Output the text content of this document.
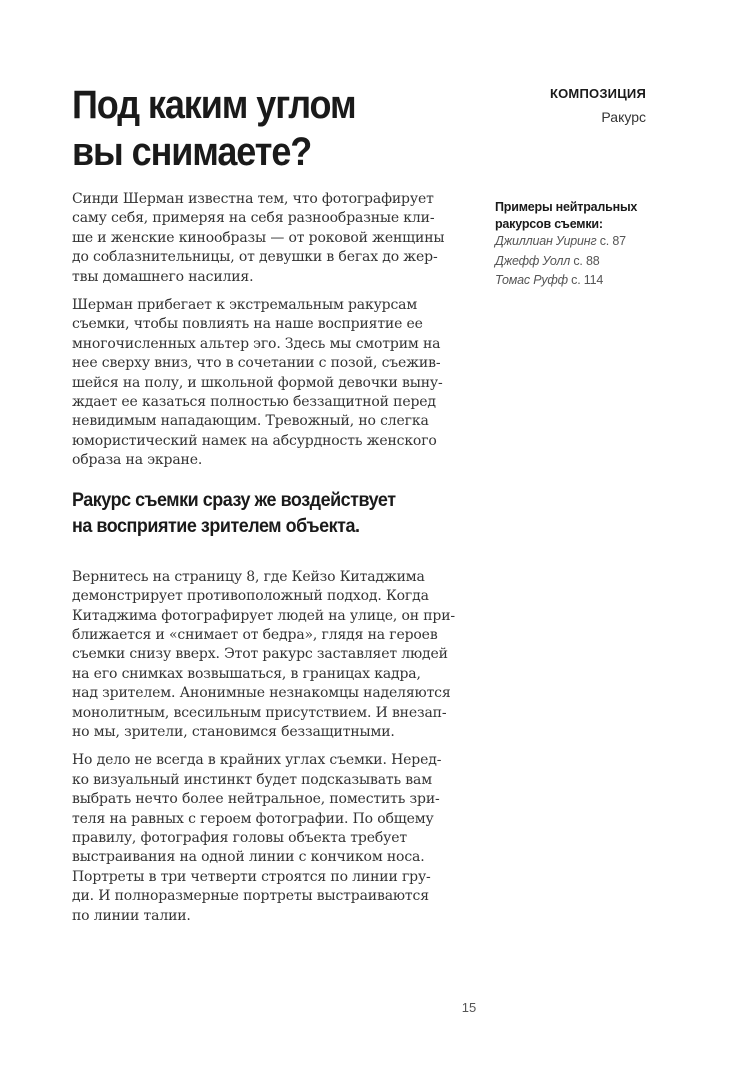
Под каким углом
вы снимаете?
КОМПОЗИЦИЯ
Ракурс
Примеры нейтральных
ракурсов съемки:
Джиллиан Уиринг с. 87
Джефф Уолл с. 88
Томас Руфф с. 114

Синди Шерман известна тем, что фотографирует
саму себя, примеряя на себя разнообразные кли-
ше и женские кинообразы — от роковой женщины
до соблазнительницы, от девушки в бегах до жер-
твы домашнего насилия.

Шерман прибегает к экстремальным ракурсам
съемки, чтобы повлиять на наше восприятие ее
многочисленных альтер эго. Здесь мы смотрим на
нее сверху вниз, что в сочетании с позой, съежив-
шейся на полу, и школьной формой девочки выну-
ждает ее казаться полностью беззащитной перед
невидимым нападающим. Тревожный, но слегка
юмористический намек на абсурдность женского
образа на экране.

Ракурс съемки сразу же воздействует
на восприятие зрителем объекта.

Вернитесь на страницу 8, где Кейзо Китаджима
демонстрирует противоположный подход. Когда
Китаджима фотографирует людей на улице, он при-
ближается и «снимает от бедра», глядя на героев
съемки снизу вверх. Этот ракурс заставляет людей
на его снимках возвышаться, в границах кадра,
над зрителем. Анонимные незнакомцы наделяются
монолитным, всесильным присутствием. И внезап-
но мы, зрители, становимся беззащитными.

Но дело не всегда в крайних углах съемки. Неред-
ко визуальный инстинкт будет подсказывать вам
выбрать нечто более нейтральное, поместить зри-
теля на равных с героем фотографии. По общему
правилу, фотография головы объекта требует
выстраивания на одной линии с кончиком носа.
Портреты в три четверти строятся по линии гру-
ди. И полноразмерные портреты выстраиваются
по линии талии.

15
